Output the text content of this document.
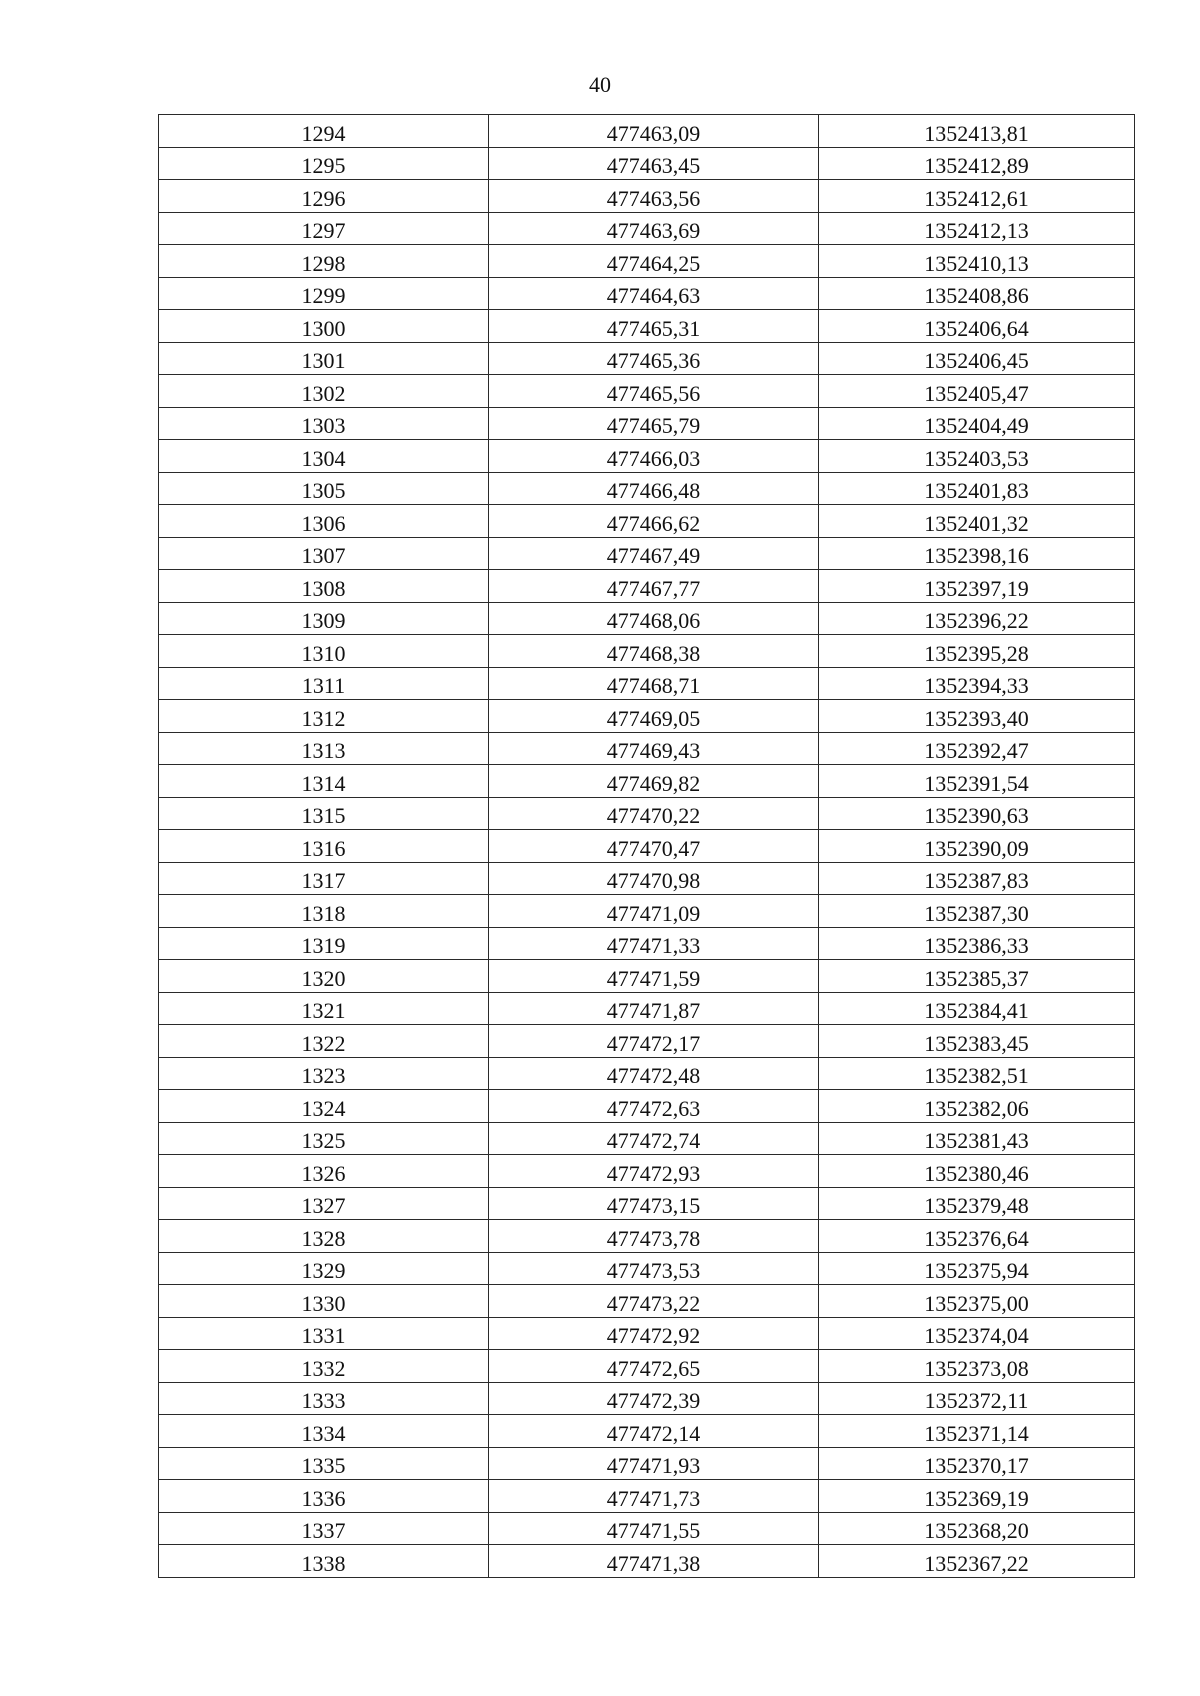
40
1294	477463,09	1352413,81
1295	477463,45	1352412,89
1296	477463,56	1352412,61
1297	477463,69	1352412,13
1298	477464,25	1352410,13
1299	477464,63	1352408,86
1300	477465,31	1352406,64
1301	477465,36	1352406,45
1302	477465,56	1352405,47
1303	477465,79	1352404,49
1304	477466,03	1352403,53
1305	477466,48	1352401,83
1306	477466,62	1352401,32
1307	477467,49	1352398,16
1308	477467,77	1352397,19
1309	477468,06	1352396,22
1310	477468,38	1352395,28
1311	477468,71	1352394,33
1312	477469,05	1352393,40
1313	477469,43	1352392,47
1314	477469,82	1352391,54
1315	477470,22	1352390,63
1316	477470,47	1352390,09
1317	477470,98	1352387,83
1318	477471,09	1352387,30
1319	477471,33	1352386,33
1320	477471,59	1352385,37
1321	477471,87	1352384,41
1322	477472,17	1352383,45
1323	477472,48	1352382,51
1324	477472,63	1352382,06
1325	477472,74	1352381,43
1326	477472,93	1352380,46
1327	477473,15	1352379,48
1328	477473,78	1352376,64
1329	477473,53	1352375,94
1330	477473,22	1352375,00
1331	477472,92	1352374,04
1332	477472,65	1352373,08
1333	477472,39	1352372,11
1334	477472,14	1352371,14
1335	477471,93	1352370,17
1336	477471,73	1352369,19
1337	477471,55	1352368,20
1338	477471,38	1352367,22
